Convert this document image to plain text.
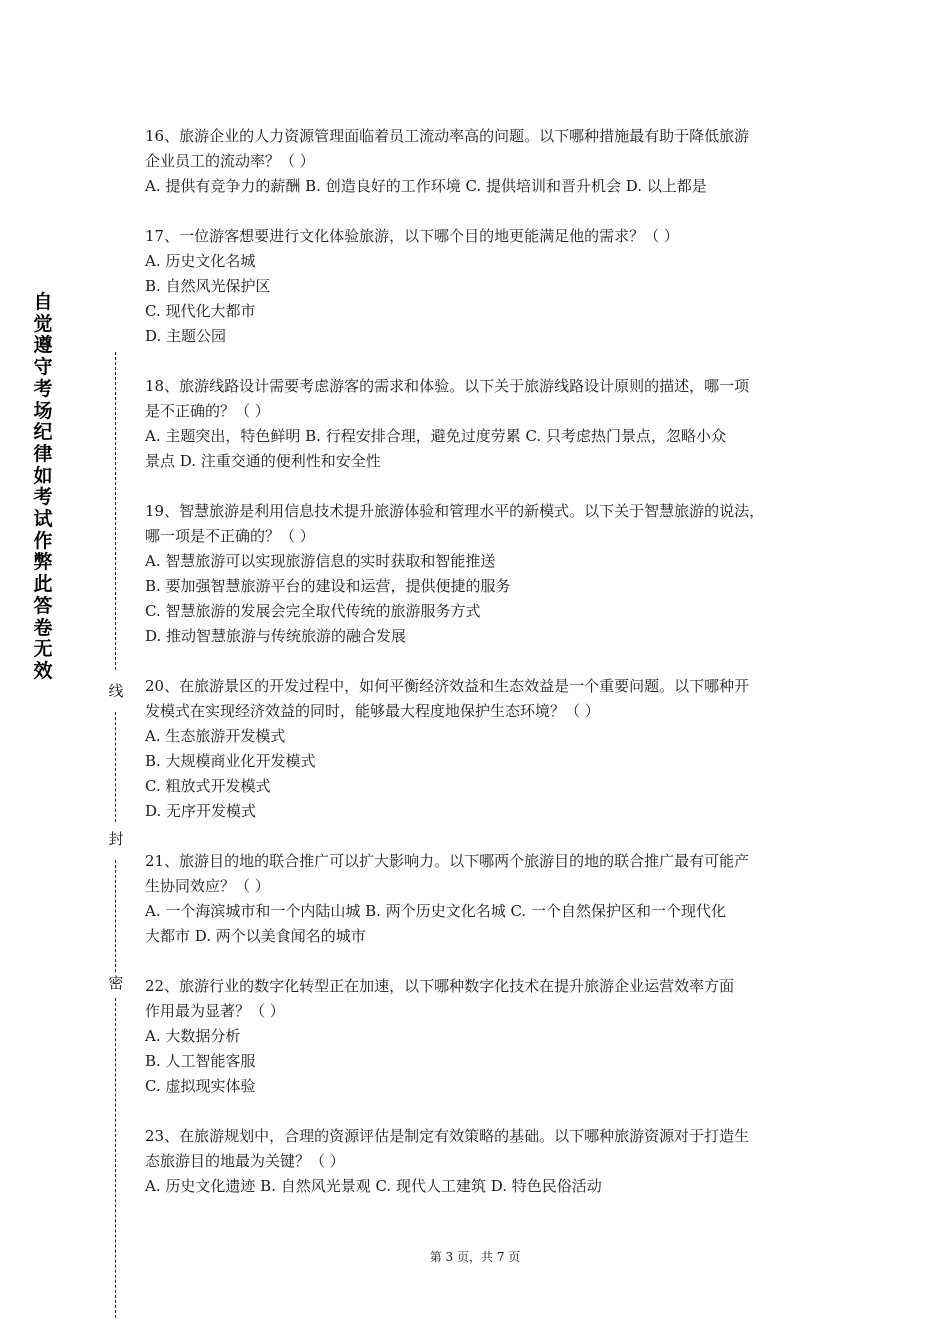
自觉遵守考场纪律如考试作弊此答卷无效
线
封
密
16、旅游企业的人力资源管理面临着员工流动率高的问题。以下哪种措施最有助于降低旅游
企业员工的流动率？（ ）
A. 提供有竞争力的薪酬 B. 创造良好的工作环境 C. 提供培训和晋升机会 D. 以上都是
17、一位游客想要进行文化体验旅游，以下哪个目的地更能满足他的需求？（ ）
A. 历史文化名城
B. 自然风光保护区
C. 现代化大都市
D. 主题公园
18、旅游线路设计需要考虑游客的需求和体验。以下关于旅游线路设计原则的描述，哪一项
是不正确的？（ ）
A. 主题突出，特色鲜明 B. 行程安排合理，避免过度劳累 C. 只考虑热门景点，忽略小众
景点 D. 注重交通的便利性和安全性
19、智慧旅游是利用信息技术提升旅游体验和管理水平的新模式。以下关于智慧旅游的说法，
哪一项是不正确的？（ ）
A. 智慧旅游可以实现旅游信息的实时获取和智能推送
B. 要加强智慧旅游平台的建设和运营，提供便捷的服务
C. 智慧旅游的发展会完全取代传统的旅游服务方式
D. 推动智慧旅游与传统旅游的融合发展
20、在旅游景区的开发过程中，如何平衡经济效益和生态效益是一个重要问题。以下哪种开
发模式在实现经济效益的同时，能够最大程度地保护生态环境？（ ）
A. 生态旅游开发模式
B. 大规模商业化开发模式
C. 粗放式开发模式
D. 无序开发模式
21、旅游目的地的联合推广可以扩大影响力。以下哪两个旅游目的地的联合推广最有可能产
生协同效应？（ ）
A. 一个海滨城市和一个内陆山城 B. 两个历史文化名城 C. 一个自然保护区和一个现代化
大都市 D. 两个以美食闻名的城市
22、旅游行业的数字化转型正在加速，以下哪种数字化技术在提升旅游企业运营效率方面
作用最为显著？（ ）
A. 大数据分析
B. 人工智能客服
C. 虚拟现实体验
23、在旅游规划中，合理的资源评估是制定有效策略的基础。以下哪种旅游资源对于打造生
态旅游目的地最为关键？（ ）
A. 历史文化遗迹 B. 自然风光景观 C. 现代人工建筑 D. 特色民俗活动
第 3 页，共 7 页
